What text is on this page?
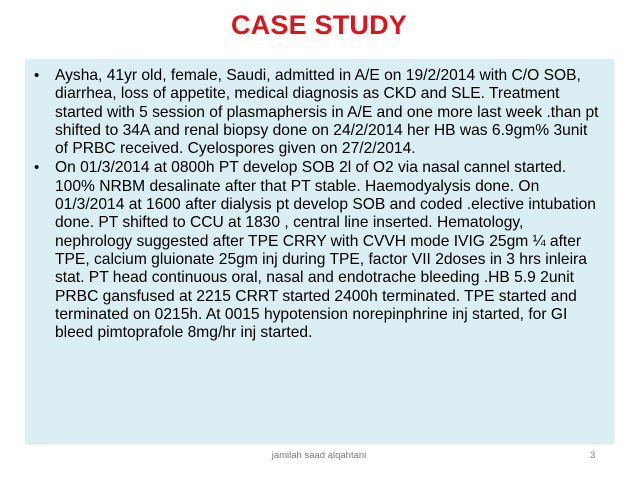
CASE STUDY
• Aysha, 41yr old, female, Saudi, admitted in A/E on 19/2/2014 with C/O SOB, diarrhea, loss of appetite, medical diagnosis as CKD and SLE. Treatment started with 5 session of plasmaphersis in A/E and one more last week .than pt shifted to 34A and renal biopsy done on 24/2/2014 her HB was 6.9gm% 3unit of PRBC received. Cyelospores given on 27/2/2014.
• On 01/3/2014 at 0800h PT develop SOB 2l of O2 via nasal cannel started. 100% NRBM desalinate after that PT stable. Haemodyalysis done. On 01/3/2014 at 1600 after dialysis pt develop SOB and coded .elective intubation done. PT shifted to CCU at 1830 , central line inserted. Hematology, nephrology suggested after TPE CRRY with CVVH mode IVIG 25gm ¼ after TPE, calcium gluionate 25gm inj during TPE, factor VII 2doses in 3 hrs inleira stat. PT head continuous oral, nasal and endotrache bleeding .HB 5.9 2unit PRBC gansfused at 2215 CRRT started 2400h terminated. TPE started and terminated on 0215h. At 0015 hypotension norepinphrine inj started, for GI bleed pimtoprafole 8mg/hr inj started.
jamilah saad alqahtani	3
